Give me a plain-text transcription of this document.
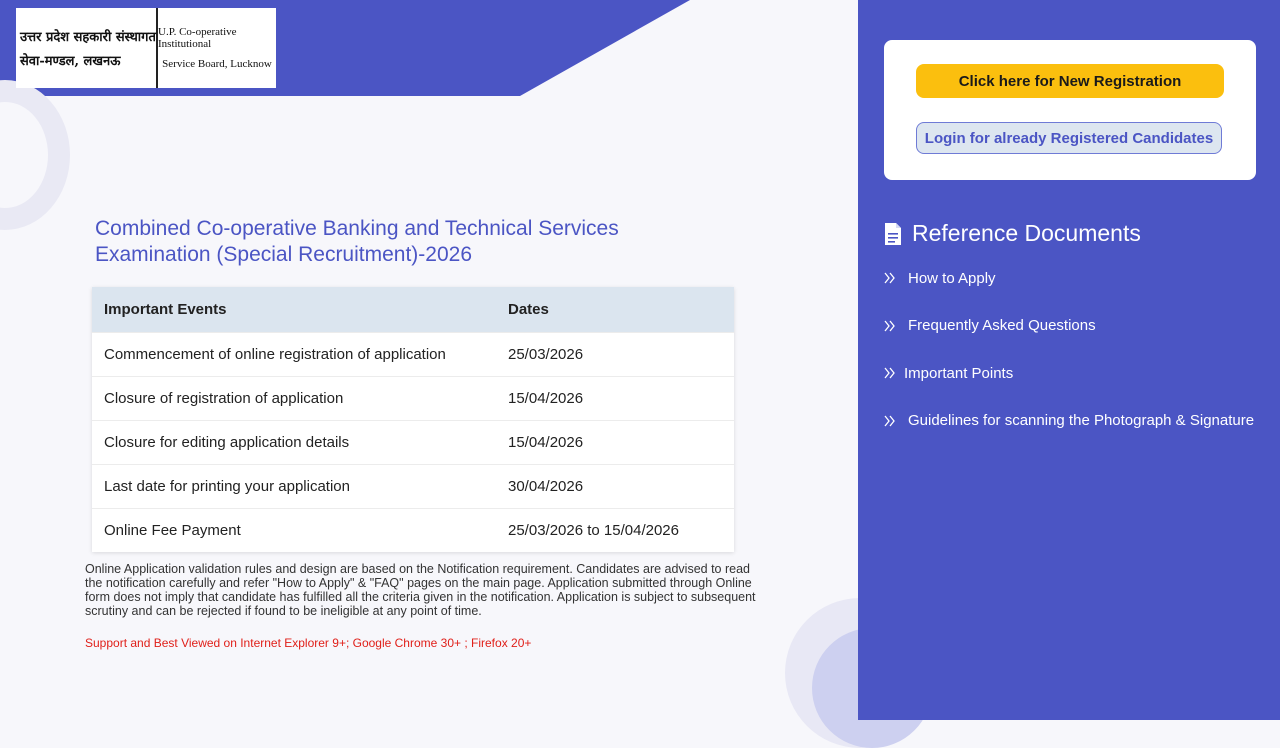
उत्तर प्रदेश सहकारी संस्थागत
सेवा-मण्डल, लखनऊ
U.P. Co-operative Institutional
Service Board, Lucknow
Combined Co-operative Banking and Technical Services Examination (Special Recruitment)-2026
Important Events	Dates
Commencement of online registration of application	25/03/2026
Closure of registration of application	15/04/2026
Closure for editing application details	15/04/2026
Last date for printing your application	30/04/2026
Online Fee Payment	25/03/2026 to 15/04/2026
Online Application validation rules and design are based on the Notification requirement. Candidates are advised to read the notification carefully and refer "How to Apply" & "FAQ" pages on the main page. Application submitted through Online form does not imply that candidate has fulfilled all the criteria given in the notification. Application is subject to subsequent scrutiny and can be rejected if found to be ineligible at any point of time.
Support and Best Viewed on Internet Explorer 9+; Google Chrome 30+ ; Firefox 20+
Click here for New Registration
Login for already Registered Candidates
Reference Documents
How to Apply
Frequently Asked Questions
Important Points
Guidelines for scanning the Photograph & Signature
